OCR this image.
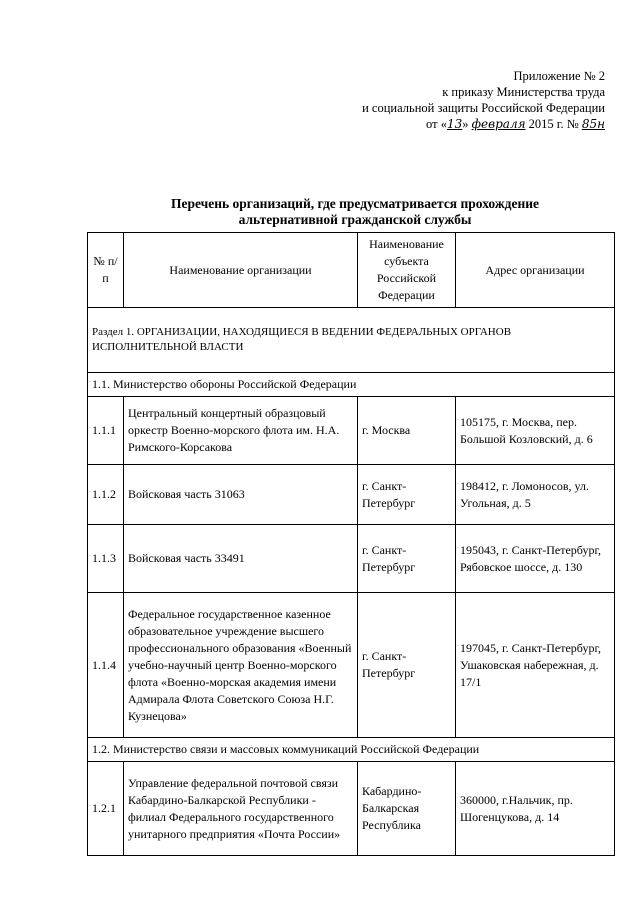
Приложение № 2
к приказу Министерства труда
и социальной защиты Российской Федерации
от «13» февраля 2015 г. № 85н
Перечень организаций, где предусматривается прохождение
альтернативной гражданской службы
№ п/п	Наименование организации	Наименование субъекта Российской Федерации	Адрес организации
Раздел 1. ОРГАНИЗАЦИИ, НАХОДЯЩИЕСЯ В ВЕДЕНИИ ФЕДЕРАЛЬНЫХ ОРГАНОВ ИСПОЛНИТЕЛЬНОЙ ВЛАСТИ			
1.1. Министерство обороны Российской Федерации			
1.1.1	Центральный концертный образцовый оркестр Военно-морского флота им. Н.А. Римского-Корсакова	г. Москва	105175, г. Москва, пер. Большой Козловский, д. 6
1.1.2	Войсковая часть 31063	г. Санкт-Петербург	198412, г. Ломоносов, ул. Угольная, д. 5
1.1.3	Войсковая часть 33491	г. Санкт-Петербург	195043, г. Санкт-Петербург, Рябовское шоссе, д. 130
1.1.4	Федеральное государственное казенное образовательное учреждение высшего профессионального образования «Военный учебно-научный центр Военно-морского флота «Военно-морская академия имени Адмирала Флота Советского Союза Н.Г. Кузнецова»	г. Санкт-Петербург	197045, г. Санкт-Петербург, Ушаковская набережная, д. 17/1
1.2. Министерство связи и массовых коммуникаций Российской Федерации			
1.2.1	Управление федеральной почтовой связи Кабардино-Балкарской Республики - филиал Федерального государственного унитарного предприятия «Почта России»	Кабардино-Балкарская Республика	360000, г.Нальчик, пр. Шогенцукова, д. 14
